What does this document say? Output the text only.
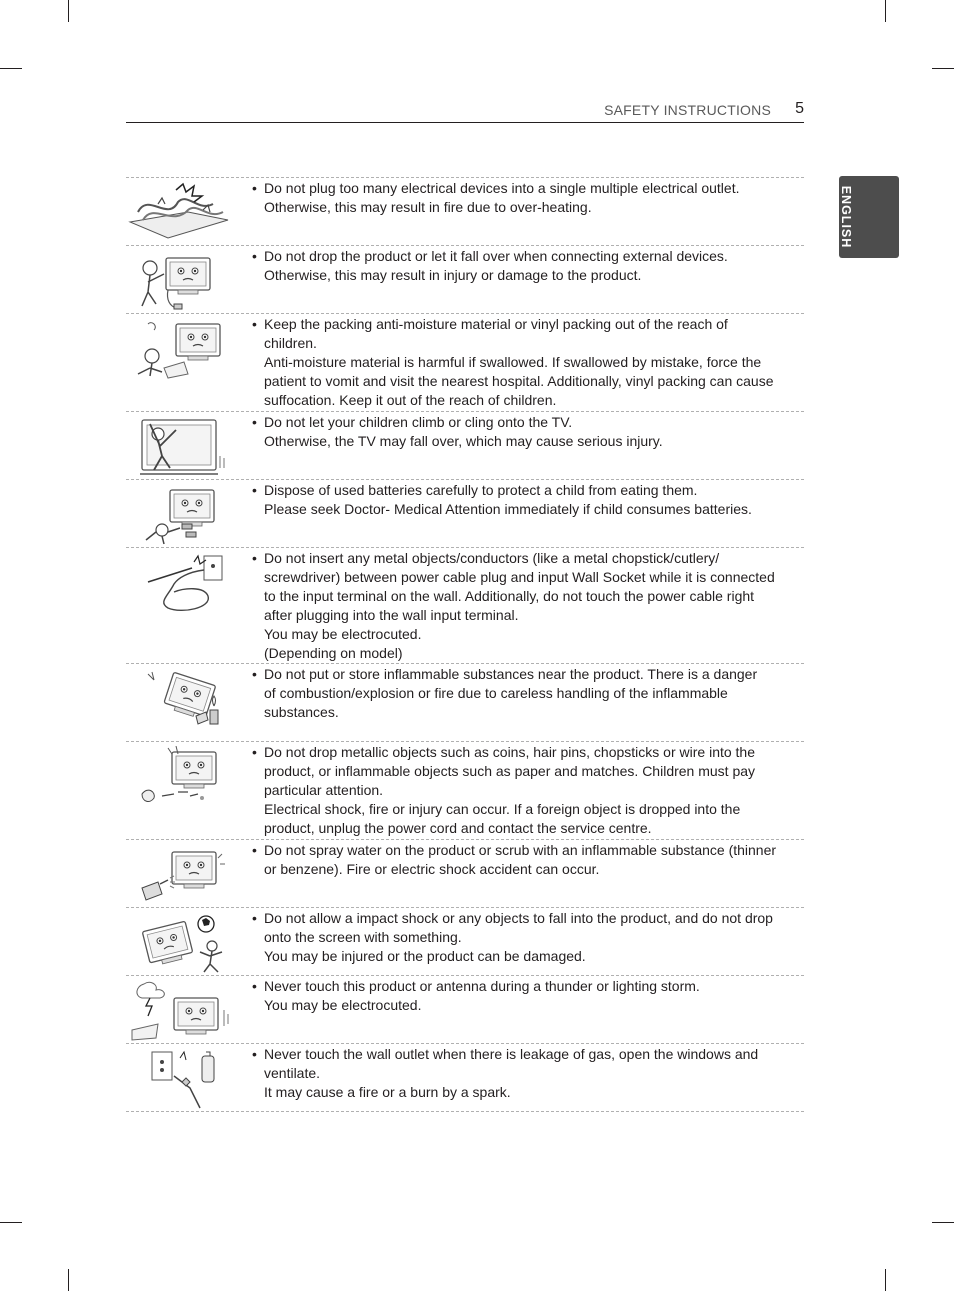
SAFETY INSTRUCTIONS 5
ENGLISH
• Do not plug too many electrical devices into a single multiple electrical outlet.
Otherwise, this may result in fire due to over-heating.
• Do not drop the product or let it fall over when connecting external devices.
Otherwise, this may result in injury or damage to the product.
• Keep the packing anti-moisture material or vinyl packing out of the reach of
children.
Anti-moisture material is harmful if swallowed. If swallowed by mistake, force the
patient to vomit and visit the nearest hospital. Additionally, vinyl packing can cause
suffocation. Keep it out of the reach of children.
• Do not let your children climb or cling onto the TV.
Otherwise, the TV may fall over, which may cause serious injury.
• Dispose of used batteries carefully to protect a child from eating them.
Please seek Doctor- Medical Attention immediately if child consumes batteries.
• Do not insert any metal objects/conductors (like a metal chopstick/cutlery/
screwdriver) between power cable plug and input Wall Socket while it is connected
to the input terminal on the wall. Additionally, do not touch the power cable right
after plugging into the wall input terminal.
You may be electrocuted.
(Depending on model)
• Do not put or store inflammable substances near the product. There is a danger
of combustion/explosion or fire due to careless handling of the inflammable
substances.
• Do not drop metallic objects such as coins, hair pins, chopsticks or wire into the
product, or inflammable objects such as paper and matches. Children must pay
particular attention.
Electrical shock, fire or injury can occur. If a foreign object is dropped into the
product, unplug the power cord and contact the service centre.
• Do not spray water on the product or scrub with an inflammable substance (thinner
or benzene). Fire or electric shock accident can occur.
• Do not allow a impact shock or any objects to fall into the product, and do not drop
onto the screen with something.
You may be injured or the product can be damaged.
• Never touch this product or antenna during a thunder or lighting storm.
You may be electrocuted.
• Never touch the wall outlet when there is leakage of gas, open the windows and
ventilate.
It may cause a fire or a burn by a spark.
